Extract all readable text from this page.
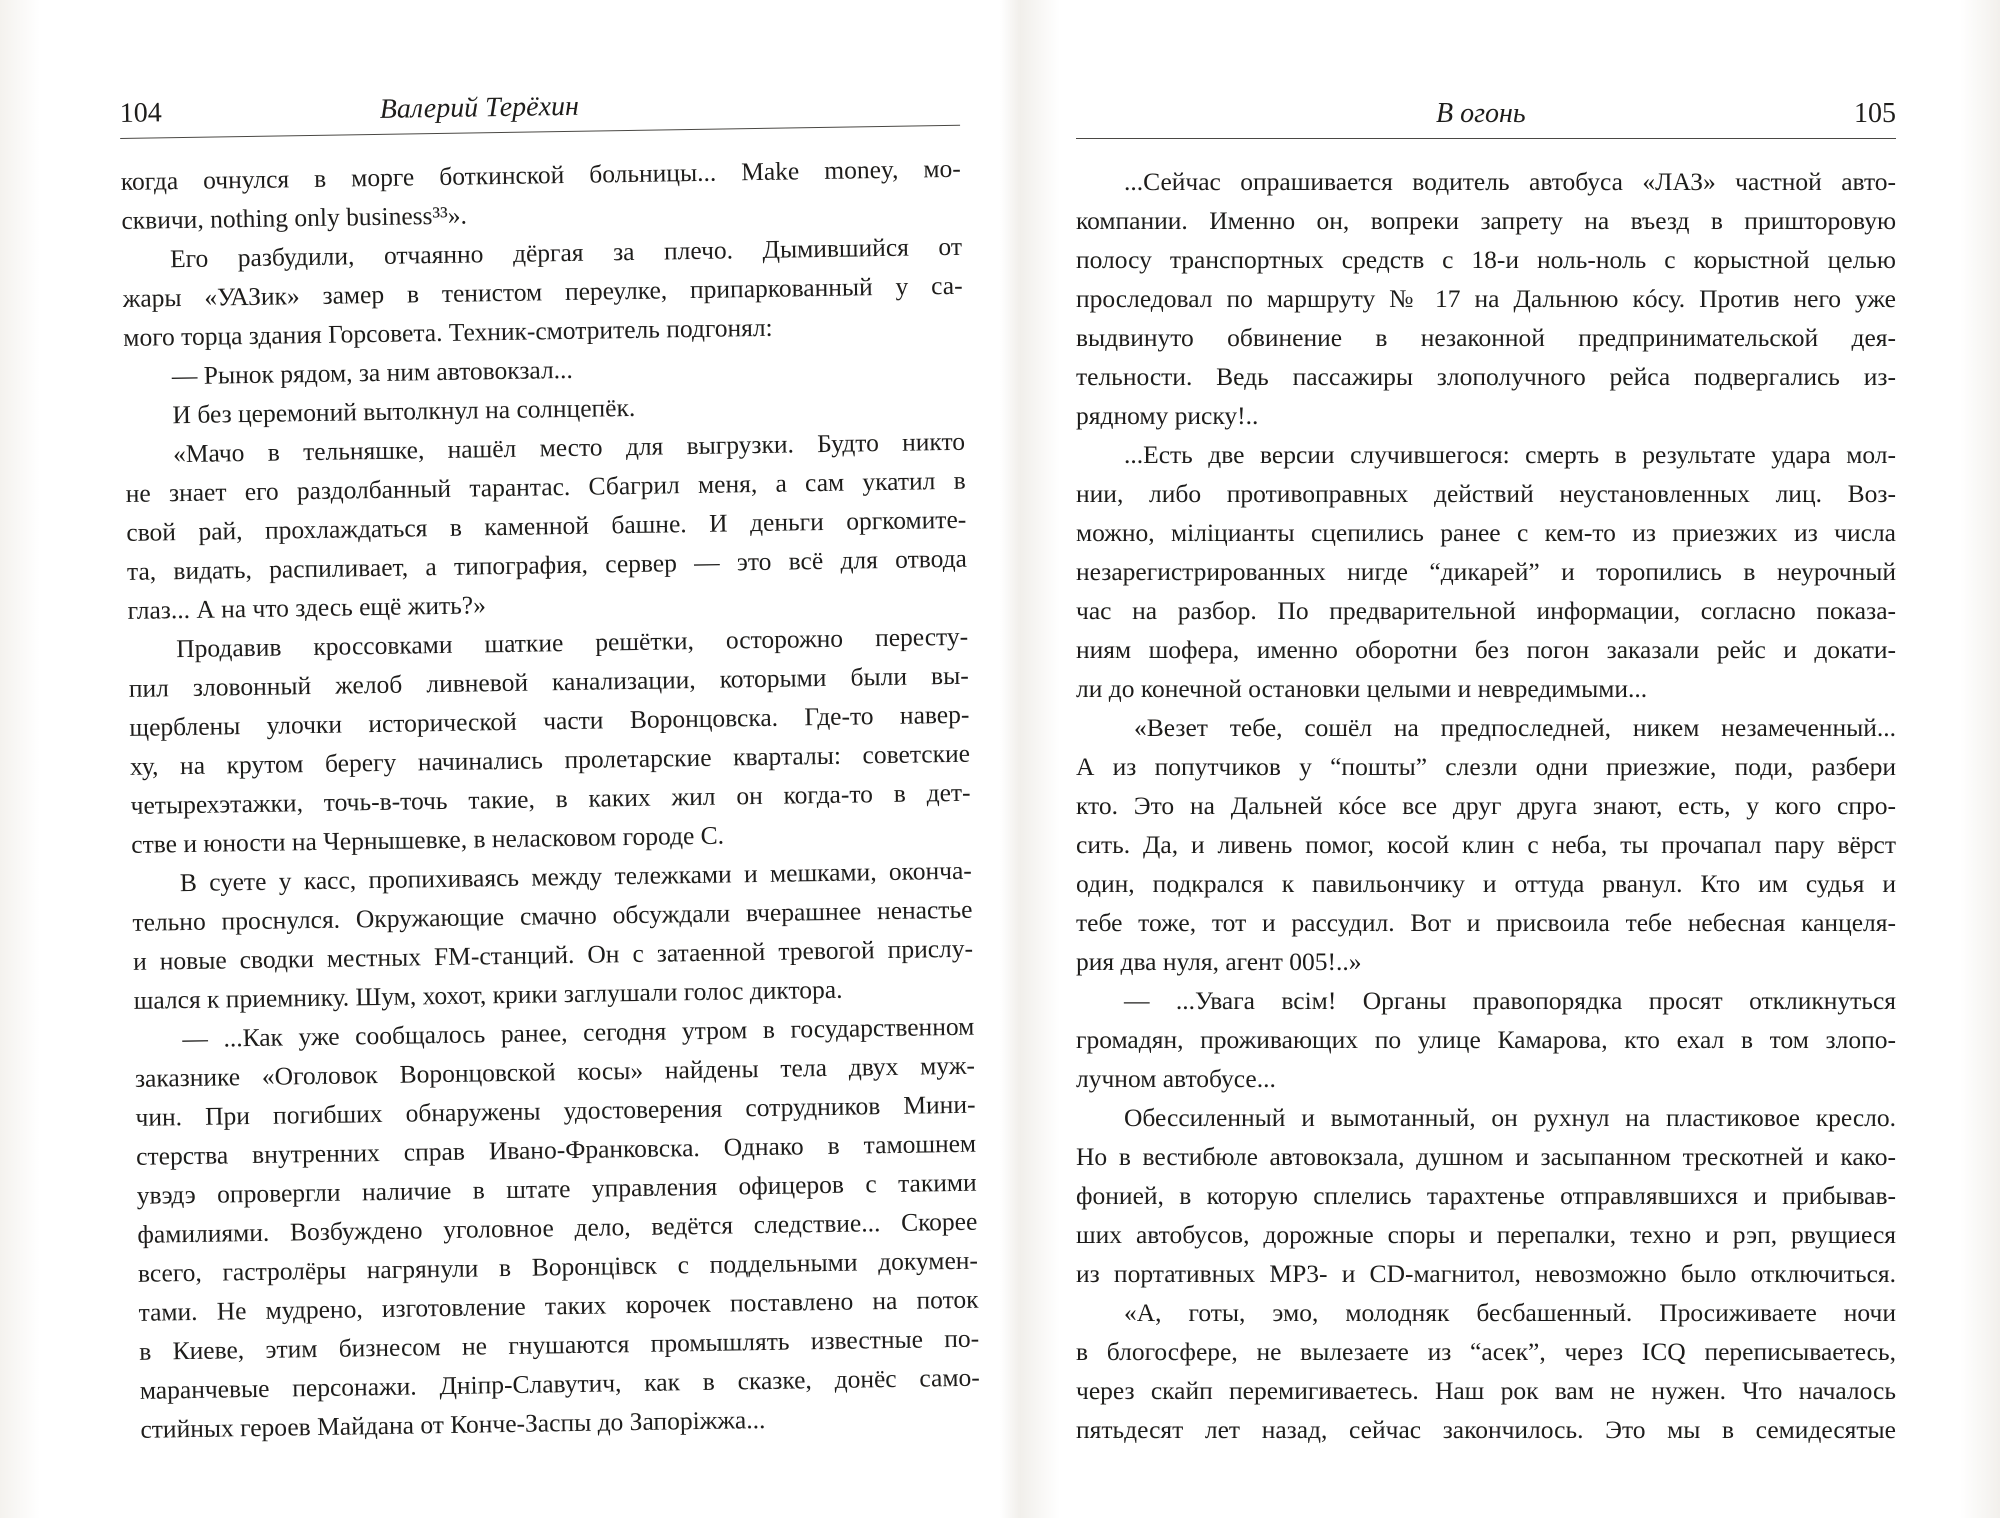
104	Валерий Терёхин
когда очнулся в морге боткинской больницы... Make money, мо-
сквичи, nothing only business³³».
Его разбудили, отчаянно дёргая за плечо. Дымившийся от
жары «УАЗик» замер в тенистом переулке, припаркованный у са-
мого торца здания Горсовета. Техник-смотритель подгонял:
— Рынок рядом, за ним автовокзал...
И без церемоний вытолкнул на солнцепёк.
«Мачо в тельняшке, нашёл место для выгрузки. Будто никто
не знает его раздолбанный тарантас. Сбагрил меня, а сам укатил в
свой рай, прохлаждаться в каменной башне. И деньги оргкомите-
та, видать, распиливает, а типография, сервер — это всё для отвода
глаз... А на что здесь ещё жить?»
Продавив кроссовками шаткие решётки, осторожно пересту-
пил зловонный желоб ливневой канализации, которыми были вы-
щерблены улочки исторической части Воронцовска. Где-то навер-
ху, на крутом берегу начинались пролетарские кварталы: советские
четырехэтажки, точь-в-точь такие, в каких жил он когда-то в дет-
стве и юности на Чернышевке, в неласковом городе С.
В суете у касс, пропихиваясь между тележками и мешками, оконча-
тельно проснулся. Окружающие смачно обсуждали вчерашнее ненастье
и новые сводки местных FM-станций. Он с затаенной тревогой прислу-
шался к приемнику. Шум, хохот, крики заглушали голос диктора.
— ...Как уже сообщалось ранее, сегодня утром в государственном
заказнике «Оголовок Воронцовской косы» найдены тела двух муж-
чин. При погибших обнаружены удостоверения сотрудников Мини-
стерства внутренних справ Ивано-Франковска. Однако в тамошнем
увэдэ опровергли наличие в штате управления офицеров с такими
фамилиями. Возбуждено уголовное дело, ведётся следствие... Скорее
всего, гастролёры нагрянули в Воронцівск с поддельными докумен-
тами. Не мудрено, изготовление таких корочек поставлено на поток
в Киеве, этим бизнесом не гнушаются промышлять известные по-
маранчевые персонажи. Дніпр-Славутич, как в сказке, донёс само-
стийных героев Майдана от Конче-Заспы до Запоріжжа...
В огонь	105
...Сейчас опрашивается водитель автобуса «ЛАЗ» частной авто-
компании. Именно он, вопреки запрету на въезд в пришторовую
полосу транспортных средств с 18-и ноль-ноль с корыстной целью
проследовал по маршруту № 17 на Дальнюю кóсу. Против него уже
выдвинуто обвинение в незаконной предпринимательской дея-
тельности. Ведь пассажиры злополучного рейса подвергались из-
рядному риску!..
...Есть две версии случившегося: смерть в результате удара мол-
нии, либо противоправных действий неустановленных лиц. Воз-
можно, міліцианты сцепились ранее с кем-то из приезжих из числа
незарегистрированных нигде “дикарей” и торопились в неурочный
час на разбор. По предварительной информации, согласно показа-
ниям шофера, именно оборотни без погон заказали рейс и докати-
ли до конечной остановки целыми и невредимыми...
«Везет тебе, сошёл на предпоследней, никем незамеченный...
А из попутчиков у “пошты” слезли одни приезжие, поди, разбери
кто. Это на Дальней кóсе все друг друга знают, есть, у кого спро-
сить. Да, и ливень помог, косой клин с неба, ты прочапал пару вёрст
один, подкрался к павильончику и оттуда рванул. Кто им судья и
тебе тоже, тот и рассудил. Вот и присвоила тебе небесная канцеля-
рия два нуля, агент 005!..»
— ...Увага всім! Органы правопорядка просят откликнуться
громадян, проживающих по улице Камарова, кто ехал в том злопо-
лучном автобусе...
Обессиленный и вымотанный, он рухнул на пластиковое кресло.
Но в вестибюле автовокзала, душном и засыпанном трескотней и како-
фонией, в которую сплелись тарахтенье отправлявшихся и прибывав-
ших автобусов, дорожные споры и перепалки, техно и рэп, рвущиеся
из портативных MP3- и CD-магнитол, невозможно было отключиться.
«А, готы, эмо, молодняк бесбашенный. Просиживаете ночи
в блогосфере, не вылезаете из “асек”, через ICQ переписываетесь,
через скайп перемигиваетесь. Наш рок вам не нужен. Что началось
пятьдесят лет назад, сейчас закончилось. Это мы в семидесятые
